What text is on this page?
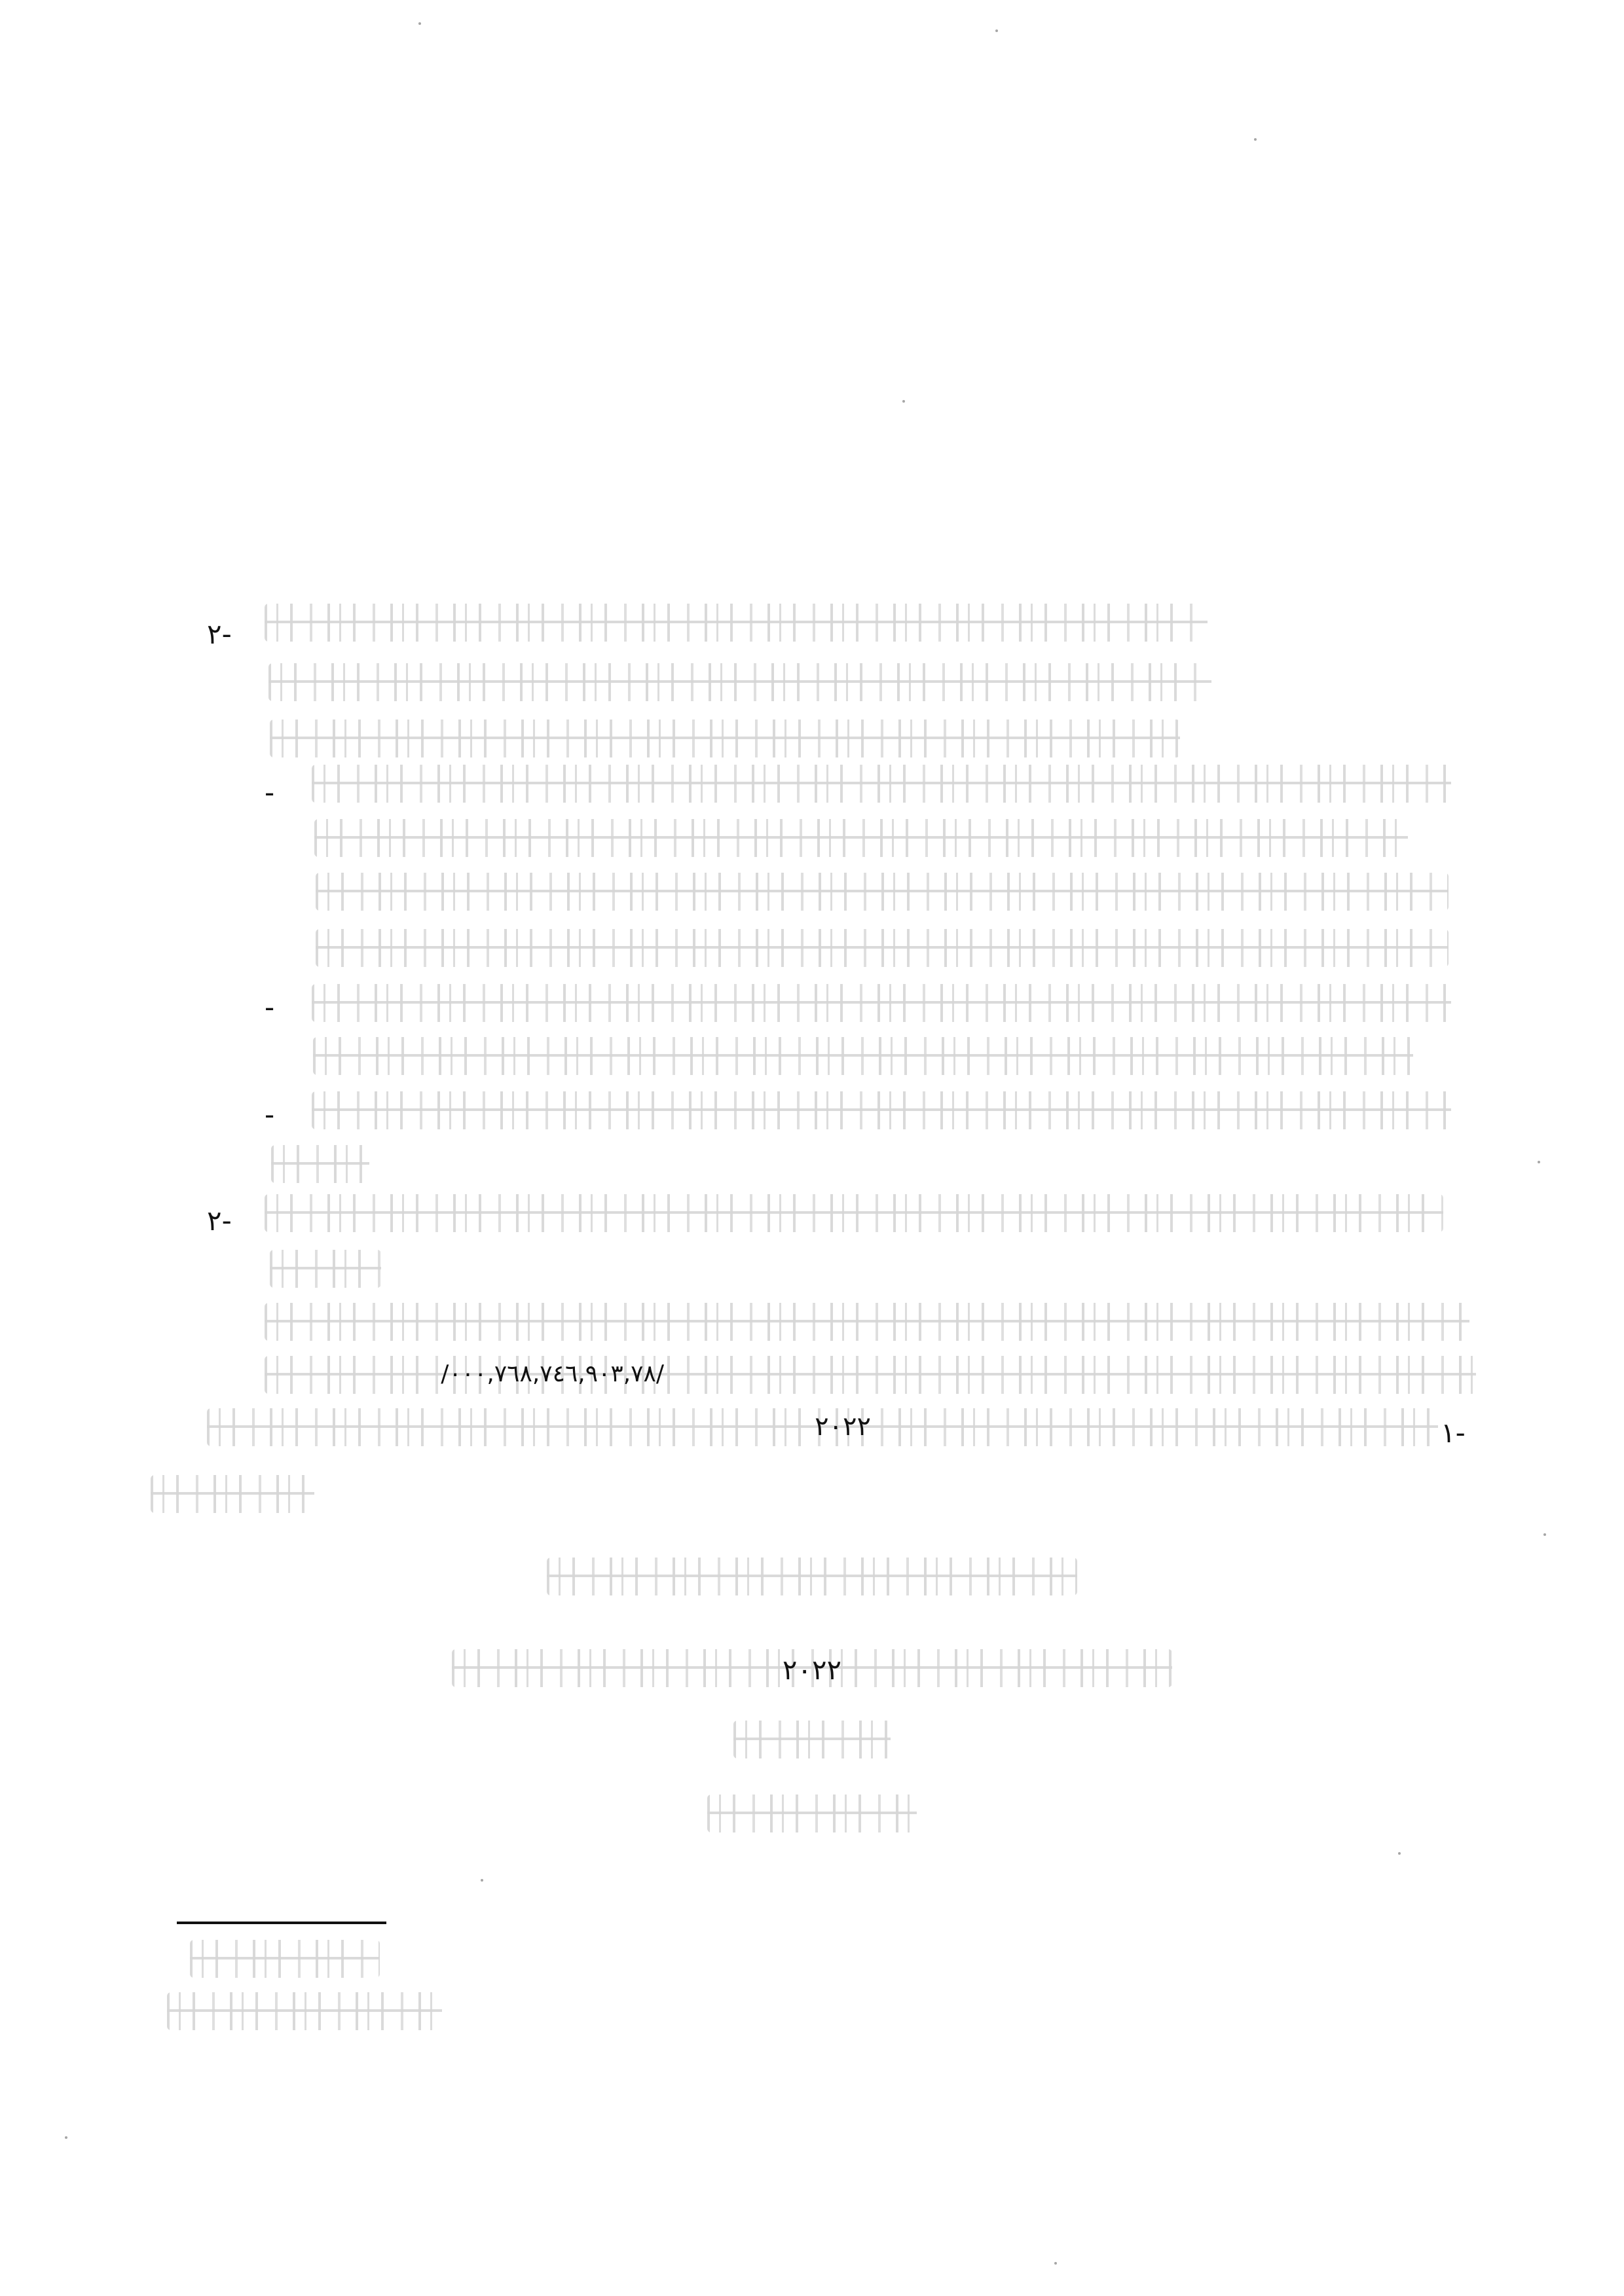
٢-
-
-
-
٢-
/٠٠٠,٧٦٨,٧٤٦,٩٠٣,٧٨/
٢٠٢٢	١-
٢٠٢٢
